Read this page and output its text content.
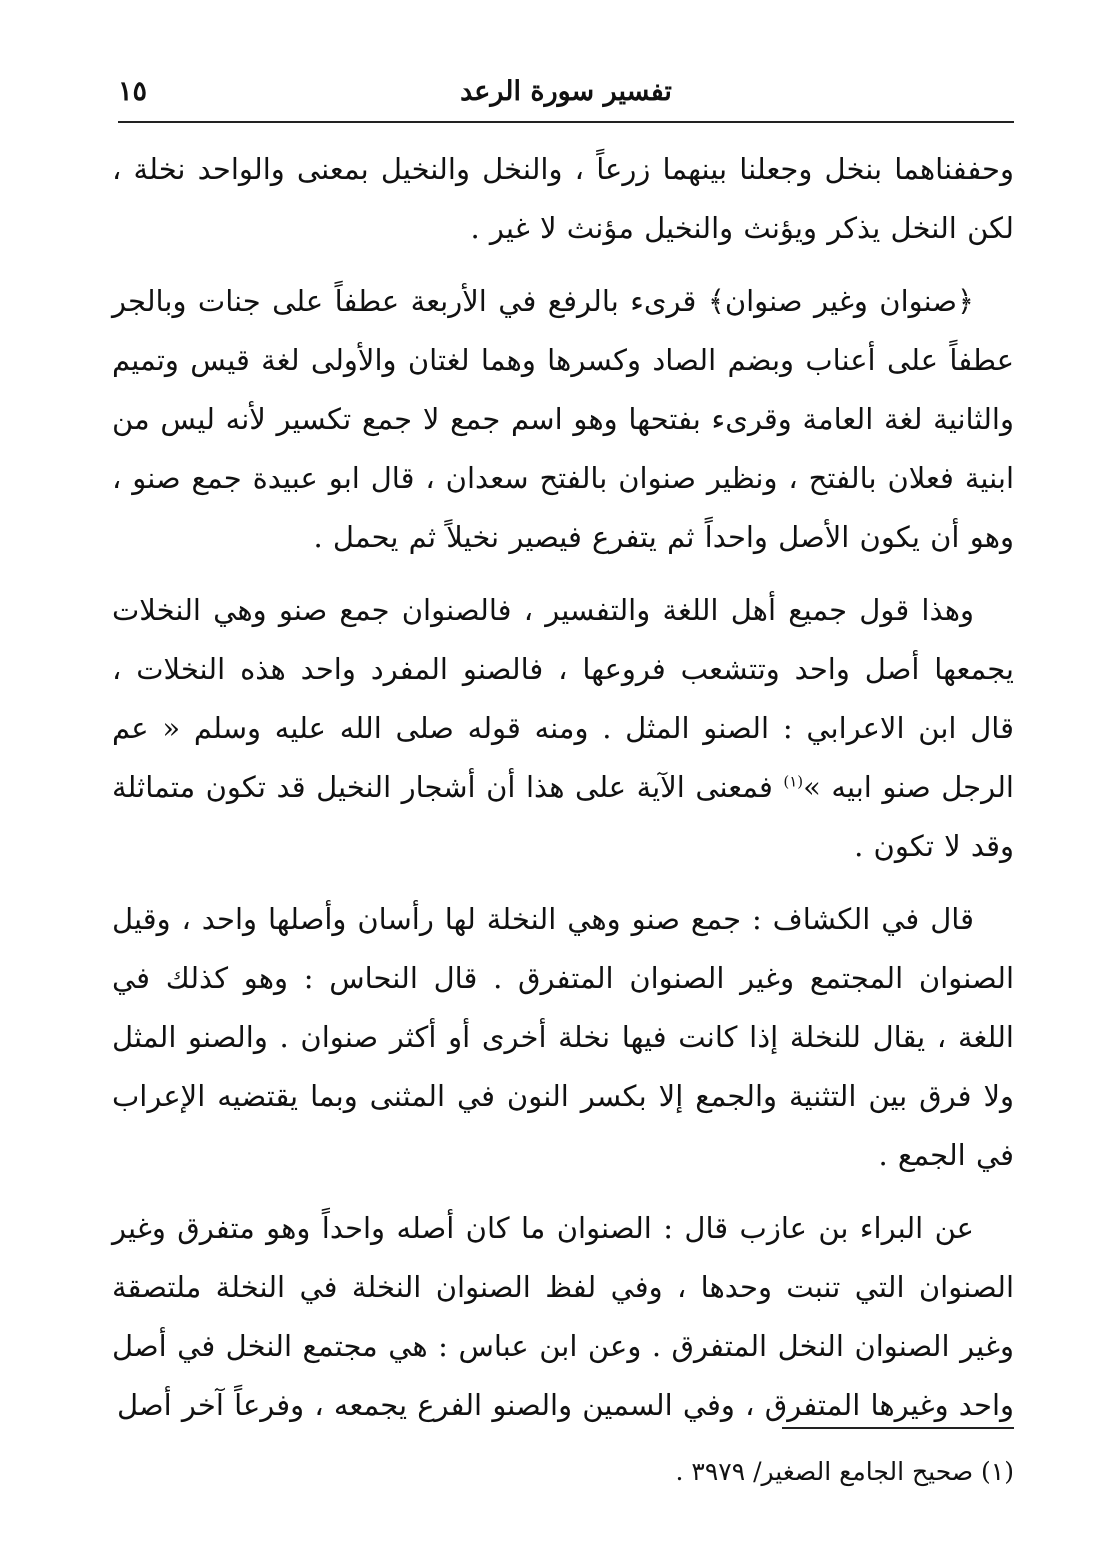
تفسير سورة الرعد
١٥

وحففناهما بنخل وجعلنا بينهما زرعاً ، والنخل والنخيل بمعنى والواحد نخلة ، لكن النخل يذكر ويؤنث والنخيل مؤنث لا غير .

﴿صنوان وغير صنوان﴾ قرىء بالرفع في الأربعة عطفاً على جنات وبالجر عطفاً على أعناب وبضم الصاد وكسرها وهما لغتان والأولى لغة قيس وتميم والثانية لغة العامة وقرىء بفتحها وهو اسم جمع لا جمع تكسير لأنه ليس من ابنية فعلان بالفتح ، ونظير صنوان بالفتح سعدان ، قال ابو عبيدة جمع صنو ، وهو أن يكون الأصل واحداً ثم يتفرع فيصير نخيلاً ثم يحمل .

وهذا قول جميع أهل اللغة والتفسير ، فالصنوان جمع صنو وهي النخلات يجمعها أصل واحد وتتشعب فروعها ، فالصنو المفرد واحد هذه النخلات ، قال ابن الاعرابي : الصنو المثل . ومنه قوله صلى الله عليه وسلم « عم الرجل صنو ابيه »$^{(١)}$ فمعنى الآية على هذا أن أشجار النخيل قد تكون متماثلة وقد لا تكون .

قال في الكشاف : جمع صنو وهي النخلة لها رأسان وأصلها واحد ، وقيل الصنوان المجتمع وغير الصنوان المتفرق . قال النحاس : وهو كذلك في اللغة ، يقال للنخلة إذا كانت فيها نخلة أخرى أو أكثر صنوان . والصنو المثل ولا فرق بين التثنية والجمع إلا بكسر النون في المثنى وبما يقتضيه الإعراب في الجمع .

عن البراء بن عازب قال : الصنوان ما كان أصله واحداً وهو متفرق وغير الصنوان التي تنبت وحدها ، وفي لفظ الصنوان النخلة في النخلة ملتصقة وغير الصنوان النخل المتفرق . وعن ابن عباس : هي مجتمع النخل في أصل واحد وغيرها المتفرق ، وفي السمين والصنو الفرع يجمعه ، وفرعاً آخر أصل

(١) صحيح الجامع الصغير/ ٣٩٧٩ .
